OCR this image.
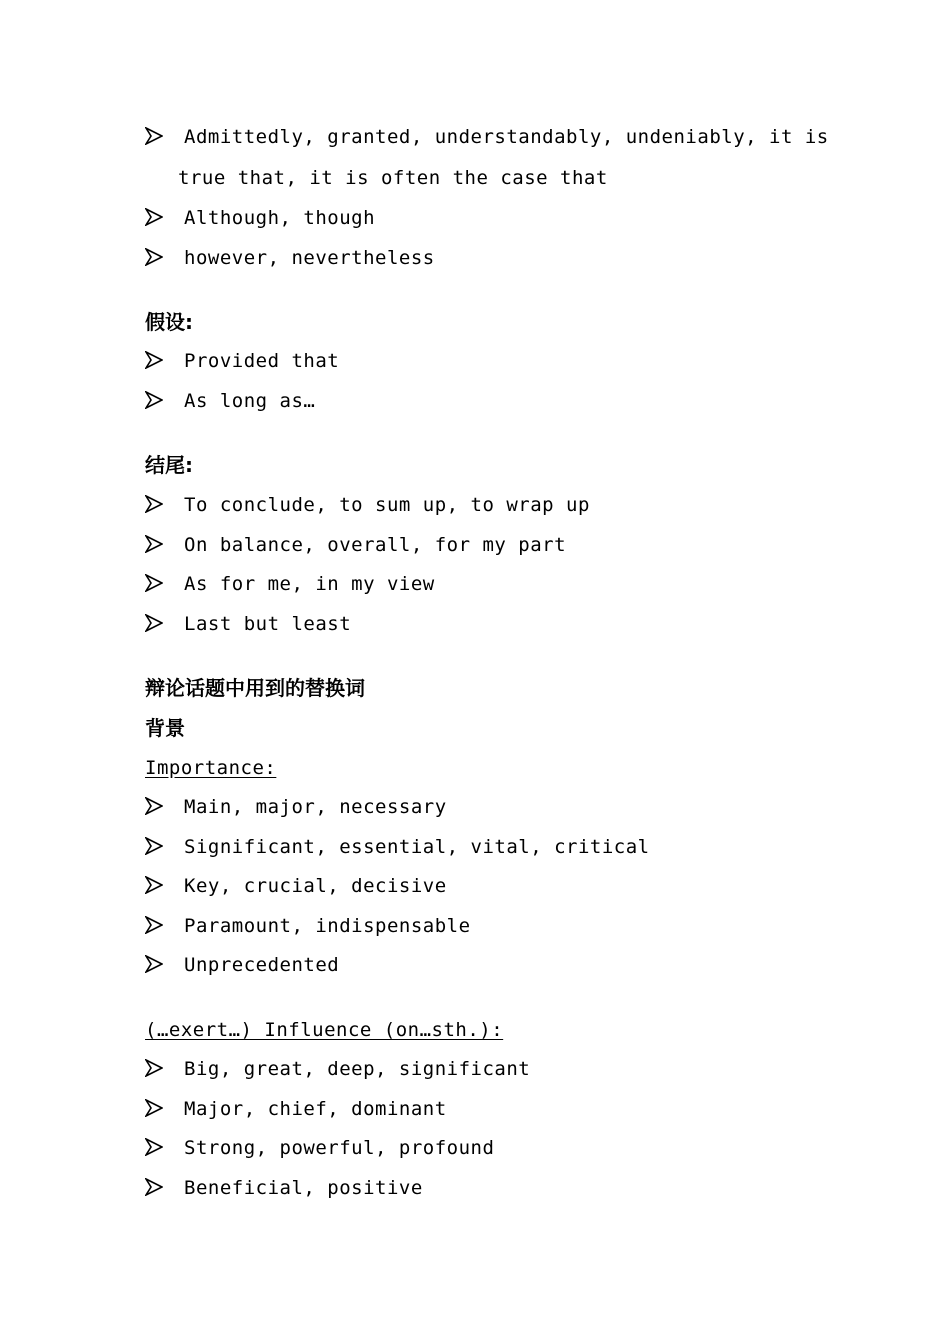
Admittedly, granted, understandably, undeniably, it is

true that, it is often the case that

Although, though

however, nevertheless

假设:

Provided that

As long as…

结尾:

To conclude, to sum up, to wrap up

On balance, overall, for my part

As for me, in my view

Last but least

辩论话题中用到的替换词
背景
Importance:

Main, major, necessary

Significant, essential, vital, critical

Key, crucial, decisive

Paramount, indispensable

Unprecedented

(…exert…) Influence (on…sth.):

Big, great, deep, significant

Major, chief, dominant

Strong, powerful, profound

Beneficial, positive
